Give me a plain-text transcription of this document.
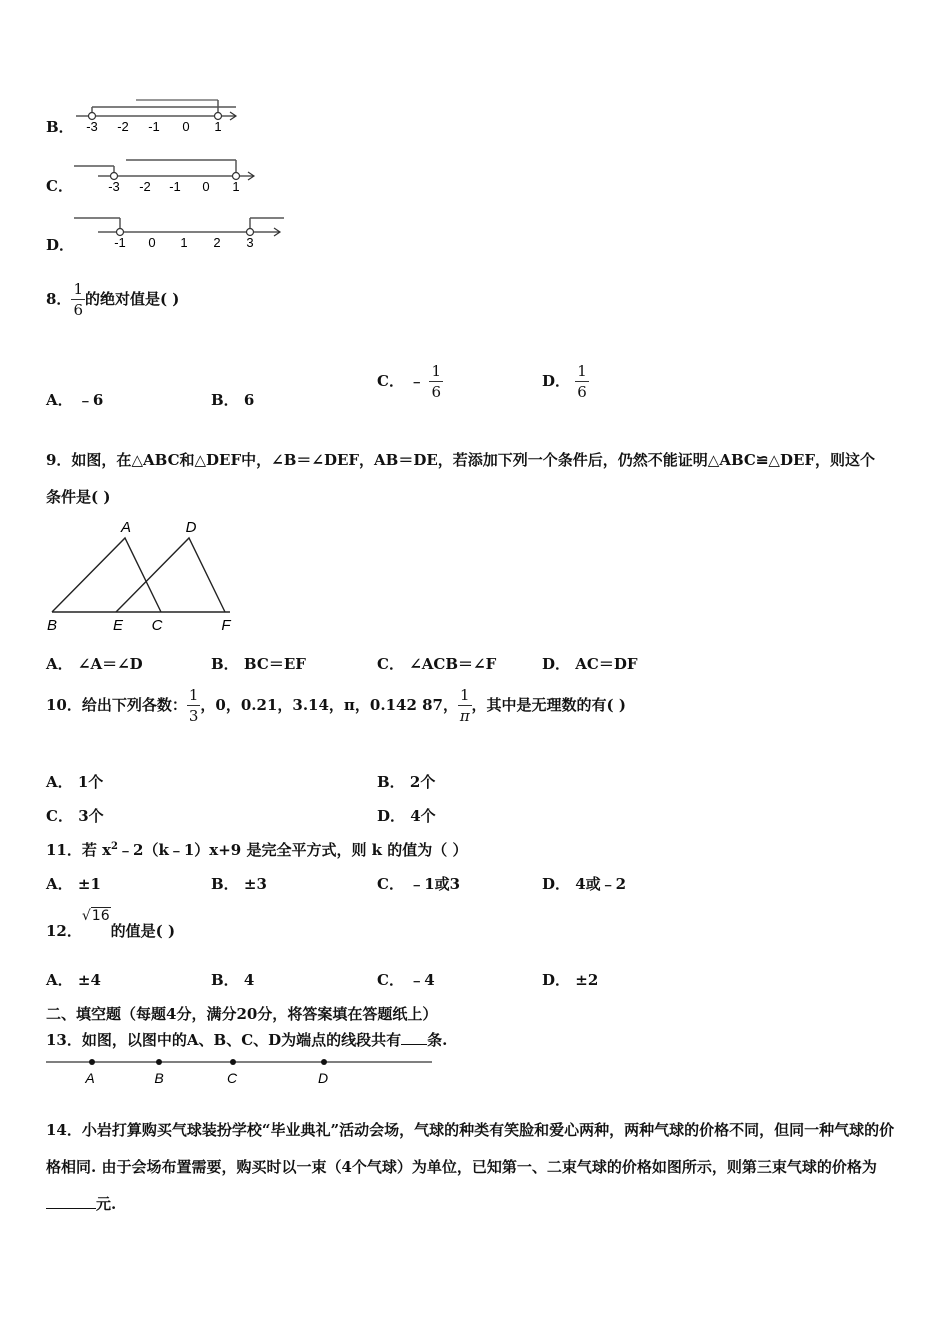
B． -3 -2 -1 0 1
C．	-3 -2 -1 0 1
D．	-1 0 1 2 3
8． $\frac{1}{6}$ 的绝对值是( )
A． ﹣6	B． 6
C． ﹣ $\frac{1}{6}$	D． $\frac{1}{6}$
9．如图，在△ABC和△DEF中，∠B＝∠DEF，AB＝DE，若添加下列一个条件后，仍然不能证明△ABC≌△DEF，则这个
条件是( )
A	D
B	E C	F
A． ∠A＝∠D	B． BC＝EF	C． ∠ACB＝∠F	D． AC＝DF
10．给出下列各数： $\frac{1}{3}$ ，0，0.21，3.14，π，0.142 87， $\frac{1}{\pi}$ ，其中是无理数的有( )
A． 1个	B． 2个
C． 3个	D． 4个
11．若 $x^2﹣2(k﹣1)x+9$ 是完全平方式，则 k 的值为（ ）
A． ±1	B． ±3	C． ﹣1或3	D． 4或﹣2
12．√16的值是( )
A． ±4	B． 4	C． ﹣4	D． ±2
二、填空题（每题4分，满分20分，将答案填在答题纸上）
13．如图，以图中的A、B、C、D为端点的线段共有 条.
A	B	C	D
14．小岩打算购买气球装扮学校“毕业典礼”活动会场，气球的种类有笑脸和爱心两种，两种气球的价格不同，但同一种气球的价格相同. 由于会场布置需要，购买时以一束（4个气球）为单位，已知第一、二束气球的价格如图所示，则第三束气球的价格为元.
